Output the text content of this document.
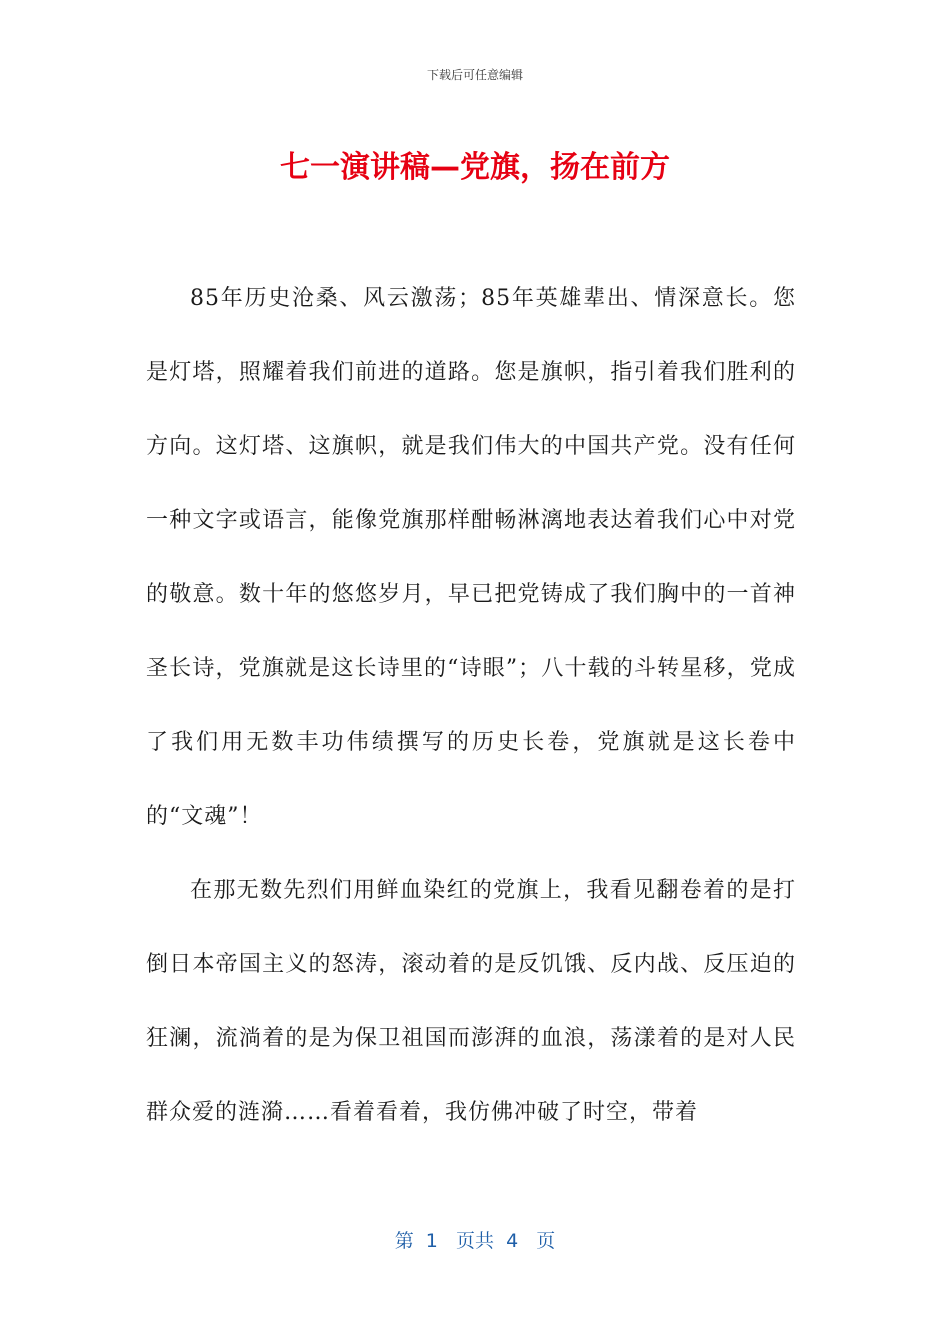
下载后可任意编辑
七一演讲稿—党旗，扬在前方

85年历史沧桑、风云激荡；85年英雄辈出、情深意长。您是灯塔，照耀着我们前进的道路。您是旗帜，指引着我们胜利的方向。这灯塔、这旗帜，就是我们伟大的中国共产党。没有任何一种文字或语言，能像党旗那样酣畅淋漓地表达着我们心中对党的敬意。数十年的悠悠岁月，早已把党铸成了我们胸中的一首神圣长诗，党旗就是这长诗里的“诗眼”；八十载的斗转星移，党成了我们用无数丰功伟绩撰写的历史长卷，党旗就是这长卷中的“文魂”！

在那无数先烈们用鲜血染红的党旗上，我看见翻卷着的是打倒日本帝国主义的怒涛，滚动着的是反饥饿、反内战、反压迫的狂澜，流淌着的是为保卫祖国而澎湃的血浪，荡漾着的是对人民群众爱的涟漪……看着看着，我仿佛冲破了时空，带着

第  1   页共  4   页
